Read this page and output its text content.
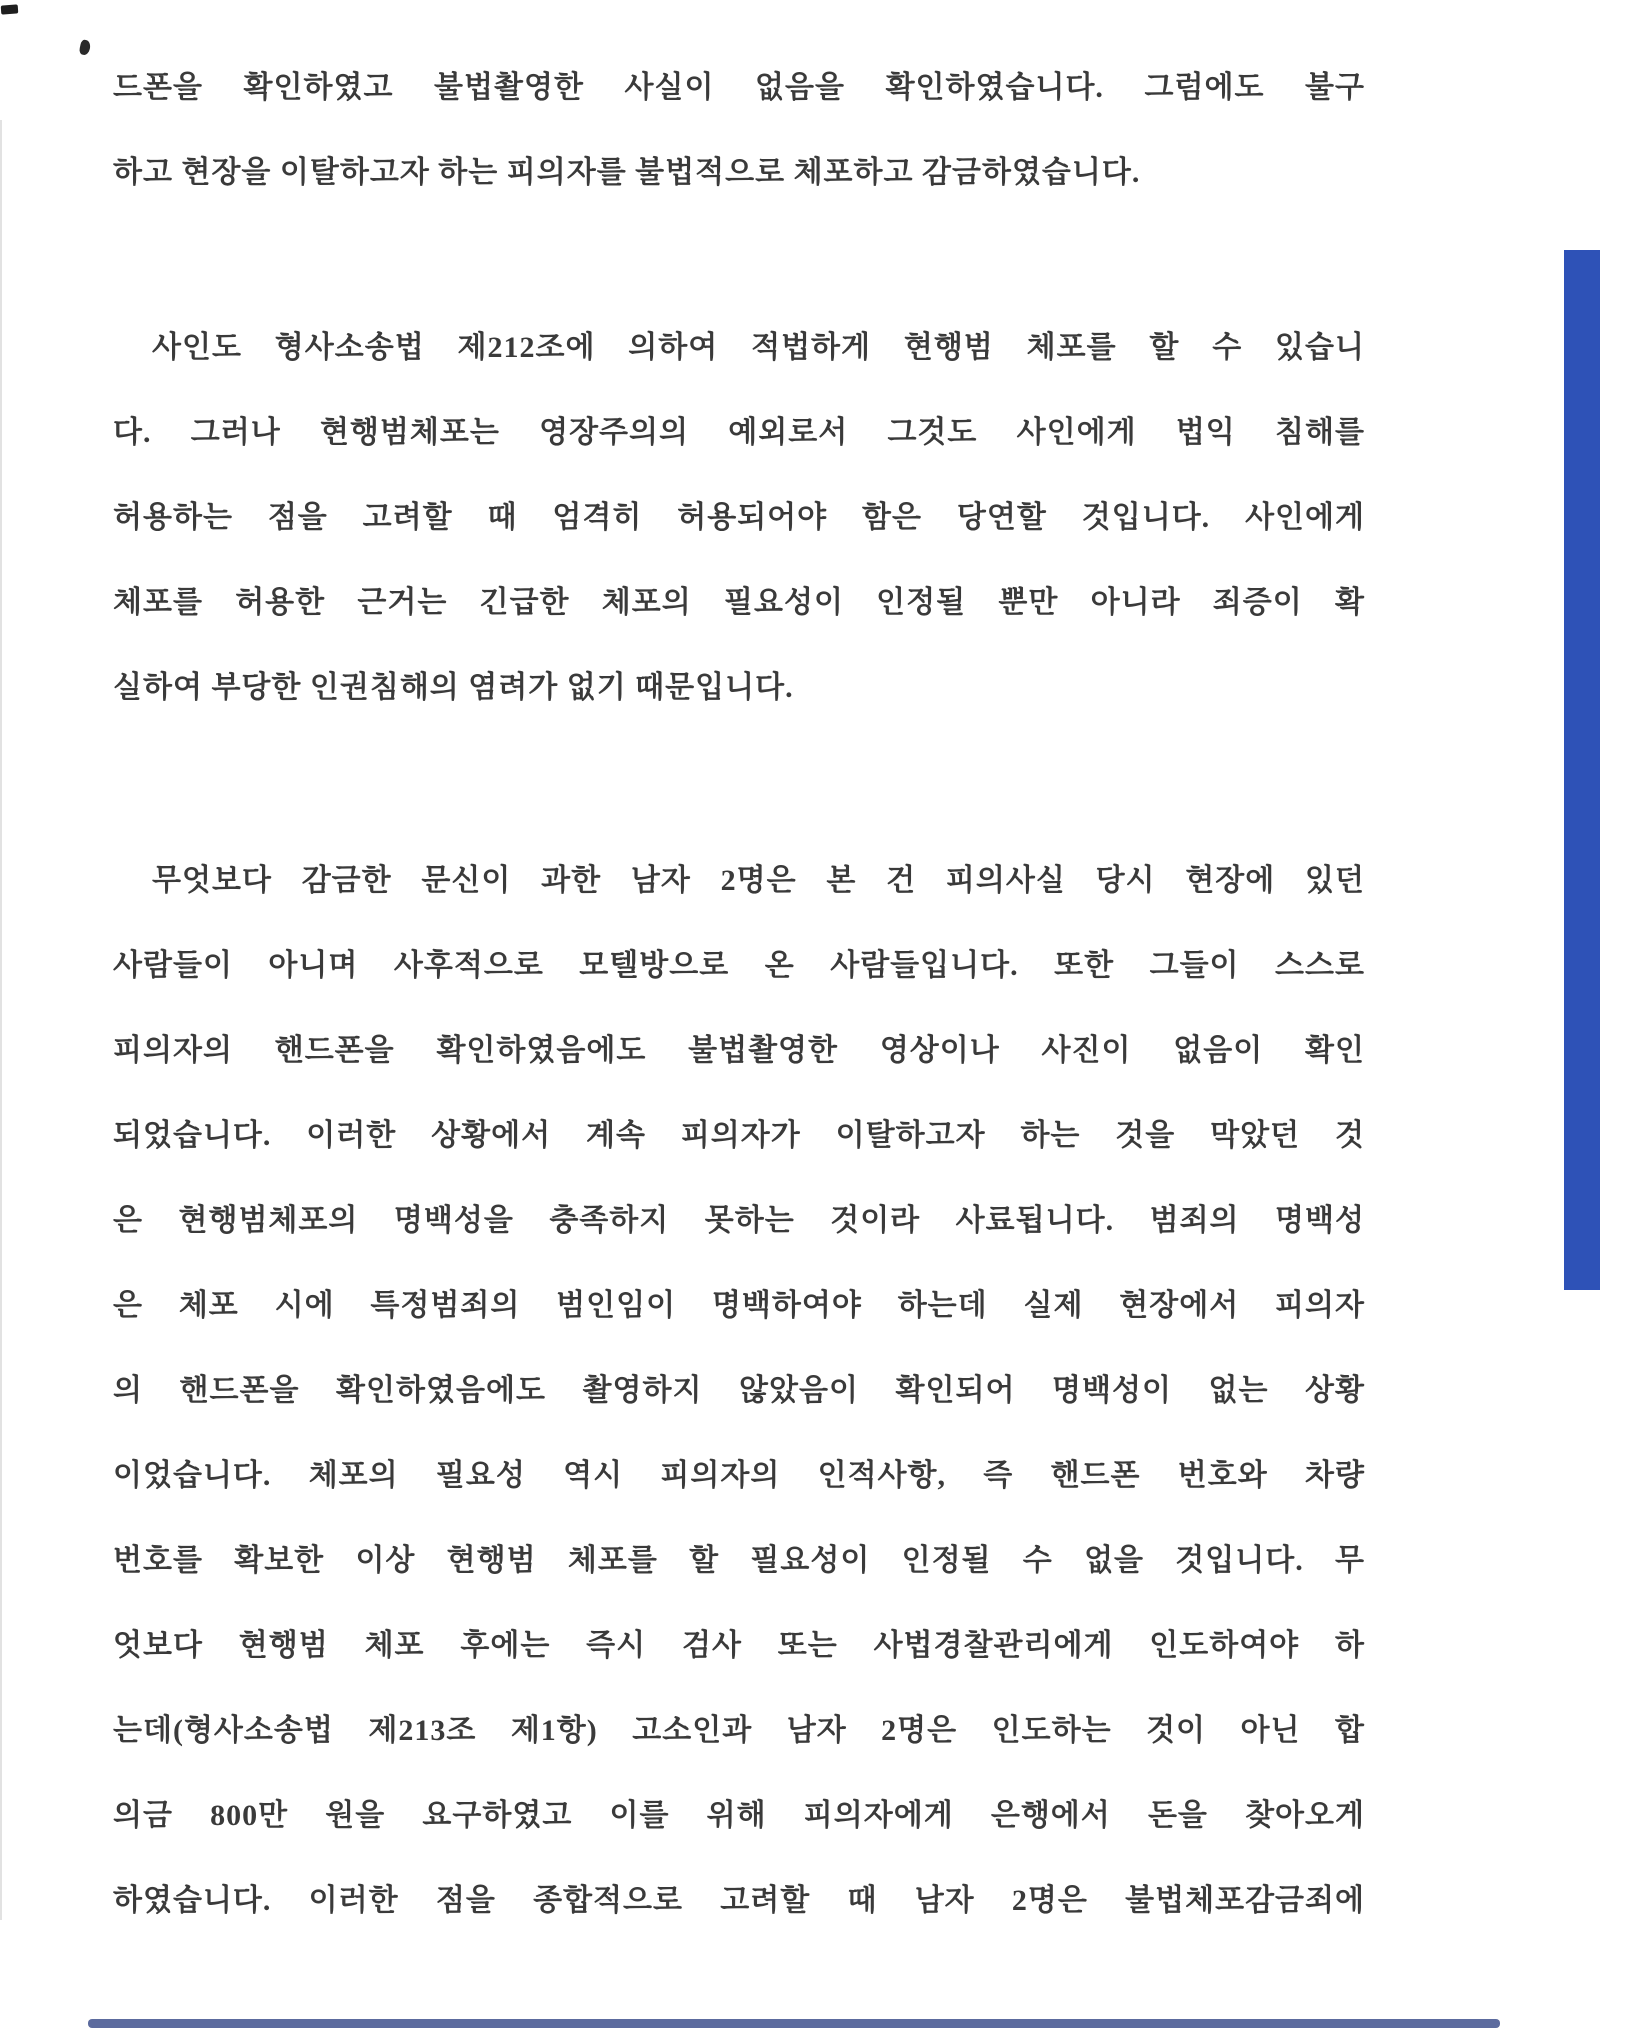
드폰을 확인하였고 불법촬영한 사실이 없음을 확인하였습니다. 그럼에도 불구
하고 현장을 이탈하고자 하는 피의자를 불법적으로 체포하고 감금하였습니다.
사인도 형사소송법 제212조에 의하여 적법하게 현행범 체포를 할 수 있습니
다. 그러나 현행범체포는 영장주의의 예외로서 그것도 사인에게 법익 침해를
허용하는 점을 고려할 때 엄격히 허용되어야 함은 당연할 것입니다. 사인에게
체포를 허용한 근거는 긴급한 체포의 필요성이 인정될 뿐만 아니라 죄증이 확
실하여 부당한 인권침해의 염려가 없기 때문입니다.
무엇보다 감금한 문신이 과한 남자 2명은 본 건 피의사실 당시 현장에 있던
사람들이 아니며 사후적으로 모텔방으로 온 사람들입니다. 또한 그들이 스스로
피의자의 핸드폰을 확인하였음에도 불법촬영한 영상이나 사진이 없음이 확인
되었습니다. 이러한 상황에서 계속 피의자가 이탈하고자 하는 것을 막았던 것
은 현행범체포의 명백성을 충족하지 못하는 것이라 사료됩니다. 범죄의 명백성
은 체포 시에 특정범죄의 범인임이 명백하여야 하는데 실제 현장에서 피의자
의 핸드폰을 확인하였음에도 촬영하지 않았음이 확인되어 명백성이 없는 상황
이었습니다. 체포의 필요성 역시 피의자의 인적사항, 즉 핸드폰 번호와 차량
번호를 확보한 이상 현행범 체포를 할 필요성이 인정될 수 없을 것입니다. 무
엇보다 현행범 체포 후에는 즉시 검사 또는 사법경찰관리에게 인도하여야 하
는데(형사소송법 제213조 제1항) 고소인과 남자 2명은 인도하는 것이 아닌 합
의금 800만 원을 요구하였고 이를 위해 피의자에게 은행에서 돈을 찾아오게
하였습니다. 이러한 점을 종합적으로 고려할 때 남자 2명은 불법체포감금죄에
